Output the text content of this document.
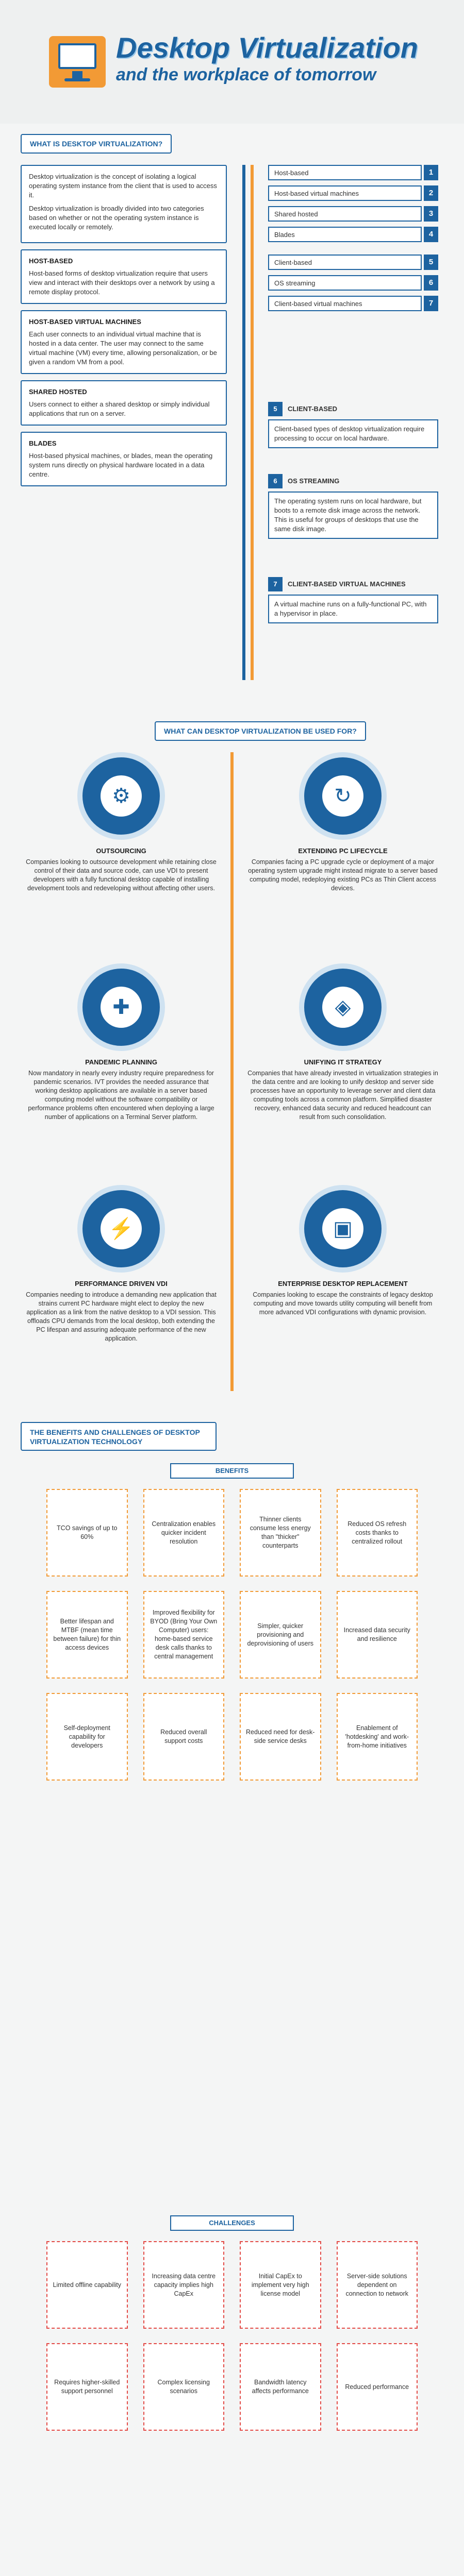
Desktop Virtualization
and the workplace of tomorrow
WHAT IS DESKTOP VIRTUALIZATION?

Desktop virtualization is the concept of isolating a logical operating system instance from the client that is used to access it.

Desktop virtualization is broadly divided into two categories based on whether or not the operating system instance is executed locally or remotely.

HOST-BASED
Host-based forms of desktop virtualization require that users view and interact with their desktops over a network by using a remote display protocol.
HOST-BASED VIRTUAL MACHINES
Each user connects to an individual virtual machine that is hosted in a data center. The user may connect to the same virtual machine (VM) every time, allowing personalization, or be given a random VM from a pool.
SHARED HOSTED
Users connect to either a shared desktop or simply individual applications that run on a server.
BLADES
Host-based physical machines, or blades, mean the operating system runs directly on physical hardware located in a data centre.
Host-based	1
Host-based virtual machines	2
Shared hosted	3
Blades	4
Client-based	5
OS streaming	6
Client-based virtual machines	7
5 CLIENT-BASED
Client-based types of desktop virtualization require processing to occur on local hardware.
6 OS STREAMING
The operating system runs on local hardware, but boots to a remote disk image across the network. This is useful for groups of desktops that use the same disk image.
7 CLIENT-BASED VIRTUAL MACHINES
A virtual machine runs on a fully-functional PC, with a hypervisor in place.
WHAT CAN DESKTOP VIRTUALIZATION BE USED FOR?
⚙
OUTSOURCING
Companies looking to outsource development while retaining close control of their data and source code, can use VDI to present developers with a fully functional desktop capable of installing development tools and redeveloping without affecting other users.
↻
EXTENDING PC LIFECYCLE
Companies facing a PC upgrade cycle or deployment of a major operating system upgrade might instead migrate to a server based computing model, redeploying existing PCs as Thin Client access devices.
✚
PANDEMIC PLANNING
Now mandatory in nearly every industry require preparedness for pandemic scenarios. IVT provides the needed assurance that working desktop applications are available in a server based computing model without the software compatibility or performance problems often encountered when deploying a large number of applications on a Terminal Server platform.
◈
UNIFYING IT STRATEGY
Companies that have already invested in virtualization strategies in the data centre and are looking to unify desktop and server side processes have an opportunity to leverage server and client data computing tools across a common platform. Simplified disaster recovery, enhanced data security and reduced headcount can result from such consolidation.
⚡
PERFORMANCE DRIVEN VDI
Companies needing to introduce a demanding new application that strains current PC hardware might elect to deploy the new application as a link from the native desktop to a VDI session. This offloads CPU demands from the local desktop, both extending the PC lifespan and assuring adequate performance of the new application.
▣
ENTERPRISE DESKTOP REPLACEMENT
Companies looking to escape the constraints of legacy desktop computing and move towards utility computing will benefit from more advanced VDI configurations with dynamic provision.
THE BENEFITS AND CHALLENGES OF DESKTOP VIRTUALIZATION TECHNOLOGY
BENEFITS
TCO savings of up to 60%
Centralization enables quicker incident resolution
Thinner clients consume less energy than "thicker" counterparts
Reduced OS refresh costs thanks to centralized rollout
Better lifespan and MTBF (mean time between failure) for thin access devices
Improved flexibility for BYOD (Bring Your Own Computer) users: home-based service desk calls thanks to central management
Simpler, quicker provisioning and deprovisioning of users
Increased data security and resilience
Self-deployment capability for developers
Reduced overall support costs
Reduced need for desk-side service desks
Enablement of 'hotdesking' and work-from-home initiatives
CHALLENGES
Limited offline capability
Increasing data centre capacity implies high CapEx
Initial CapEx to implement very high license model
Server-side solutions dependent on connection to network
Requires higher-skilled support personnel
Complex licensing scenarios
Bandwidth latency affects performance
Reduced performance
